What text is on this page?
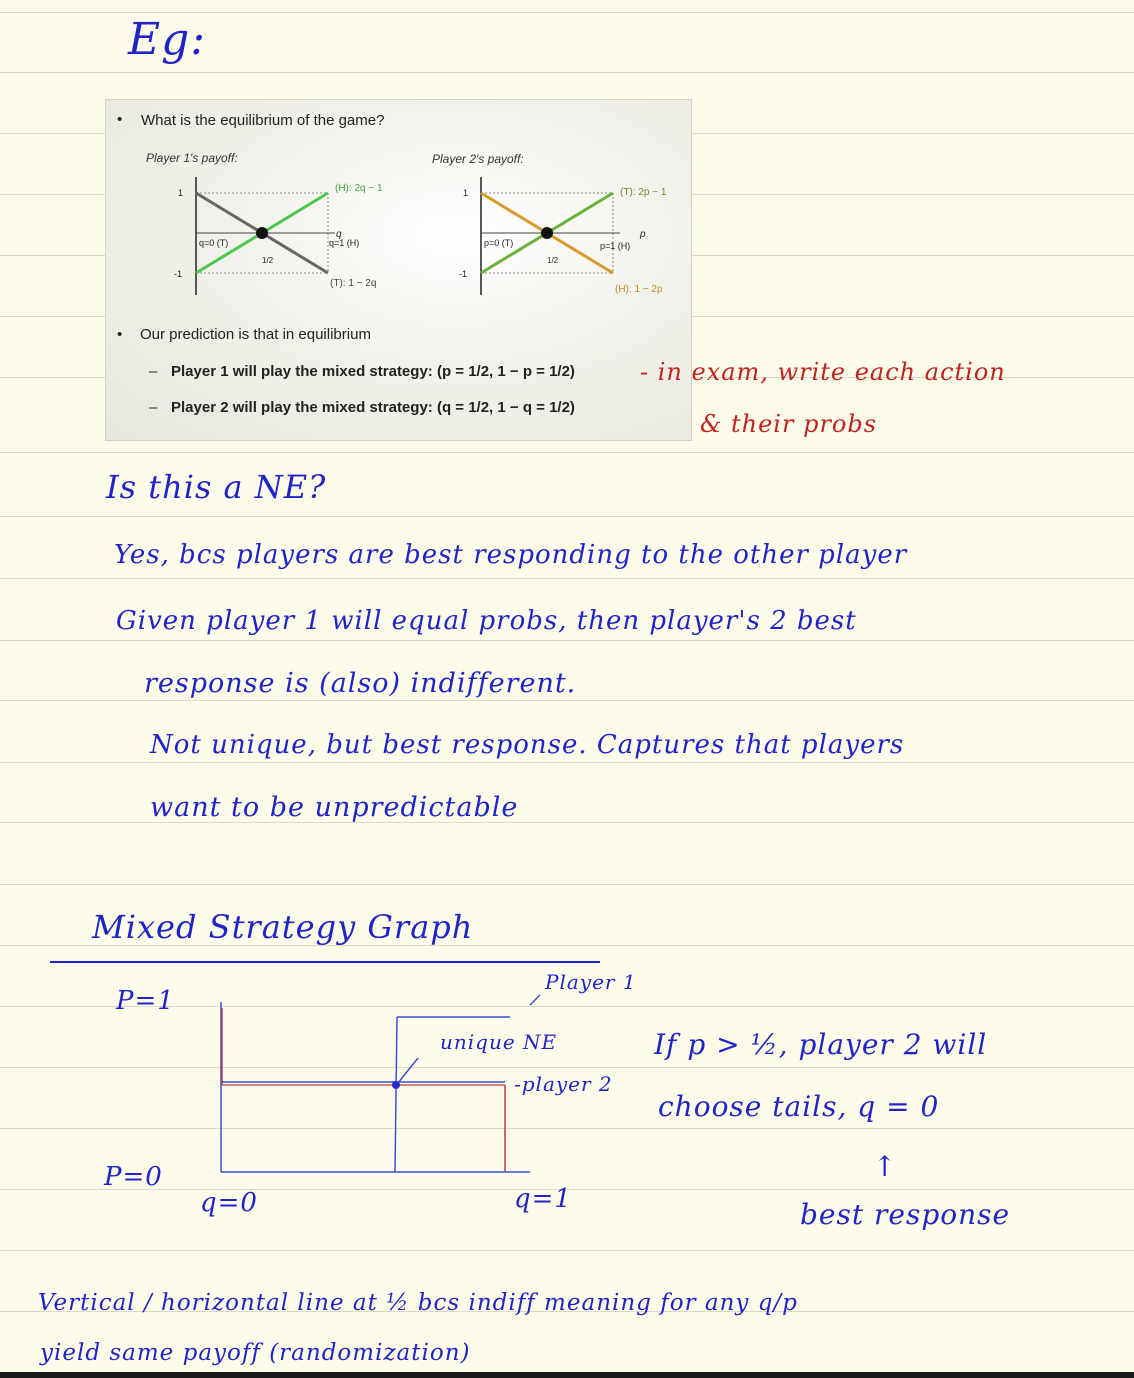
Eg:
• What is the equilibrium of the game?
Player 1's payoff:	Player 2's payoff:
1
-1
q=0 (T)	q=1 (H)
1/2
q
(H): 2q − 1
(T): 1 − 2q
1
-1
p=0 (T)	p=1 (H)
1/2
p
(T): 2p − 1
(H): 1 − 2p
• Our prediction is that in equilibrium
– Player 1 will play the mixed strategy: (p = 1/2, 1 − p = 1/2)
– Player 2 will play the mixed strategy: (q = 1/2, 1 − q = 1/2)
- in exam, write each action
& their probs
Is this a NE?
Yes, bcs players are best responding to the other player
Given player 1 will equal probs, then player's 2 best
response is (also) indifferent.
Not unique, but best response. Captures that players
want to be unpredictable
Mixed Strategy Graph
P=1
P=0
q=0	q=1
Player 1
unique NE
-player 2
If p > ½, player 2 will
choose tails, q = 0
↑
best response
Vertical / horizontal line at ½ bcs indiff meaning for any q/p
yield same payoff (randomization)
